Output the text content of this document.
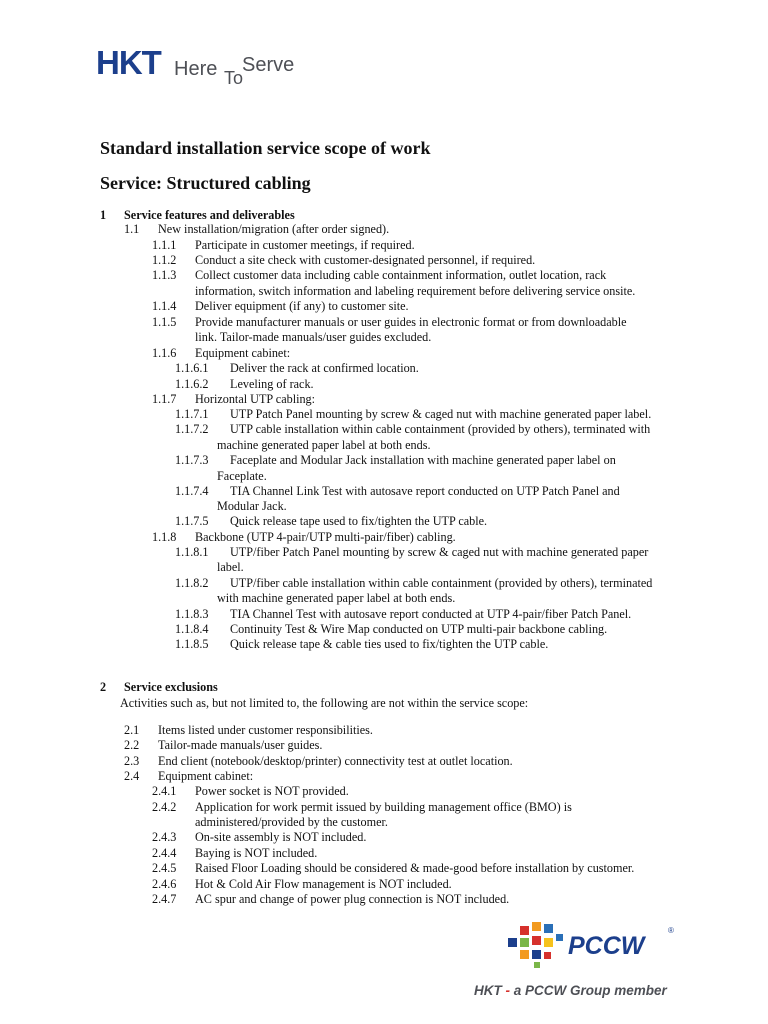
HKT Here To
Serve
Standard installation service scope of work
Service: Structured cabling
1 Service features and deliverables
1.1 New installation/migration (after order signed).
1.1.1 Participate in customer meetings, if required.
1.1.2 Conduct a site check with customer-designated personnel, if required.
1.1.3 Collect customer data including cable containment information, outlet location, rack
information, switch information and labeling requirement before delivering service onsite.
1.1.4 Deliver equipment (if any) to customer site.
1.1.5 Provide manufacturer manuals or user guides in electronic format or from downloadable
link. Tailor-made manuals/user guides excluded.
1.1.6 Equipment cabinet:
1.1.6.1 Deliver the rack at confirmed location.
1.1.6.2 Leveling of rack.
1.1.7 Horizontal UTP cabling:
1.1.7.1 UTP Patch Panel mounting by screw & caged nut with machine generated paper label.
1.1.7.2 UTP cable installation within cable containment (provided by others), terminated with
machine generated paper label at both ends.
1.1.7.3 Faceplate and Modular Jack installation with machine generated paper label on
Faceplate.
1.1.7.4 TIA Channel Link Test with autosave report conducted on UTP Patch Panel and
Modular Jack.
1.1.7.5 Quick release tape used to fix/tighten the UTP cable.
1.1.8 Backbone (UTP 4-pair/UTP multi-pair/fiber) cabling.
1.1.8.1 UTP/fiber Patch Panel mounting by screw & caged nut with machine generated paper
label.
1.1.8.2 UTP/fiber cable installation within cable containment (provided by others), terminated
with machine generated paper label at both ends.
1.1.8.3 TIA Channel Test with autosave report conducted at UTP 4-pair/fiber Patch Panel.
1.1.8.4 Continuity Test & Wire Map conducted on UTP multi-pair backbone cabling.
1.1.8.5 Quick release tape & cable ties used to fix/tighten the UTP cable.
2 Service exclusions
Activities such as, but not limited to, the following are not within the service scope:
2.1 Items listed under customer responsibilities.
2.2 Tailor-made manuals/user guides.
2.3 End client (notebook/desktop/printer) connectivity test at outlet location.
2.4 Equipment cabinet:
2.4.1 Power socket is NOT provided.
2.4.2 Application for work permit issued by building management office (BMO) is
administered/provided by the customer.
2.4.3 On-site assembly is NOT included.
2.4.4 Baying is NOT included.
2.4.5 Raised Floor Loading should be considered & made-good before installation by customer.
2.4.6 Hot & Cold Air Flow management is NOT included.
2.4.7 AC spur and change of power plug connection is NOT included.
PCCW
®
HKT - a PCCW Group member
